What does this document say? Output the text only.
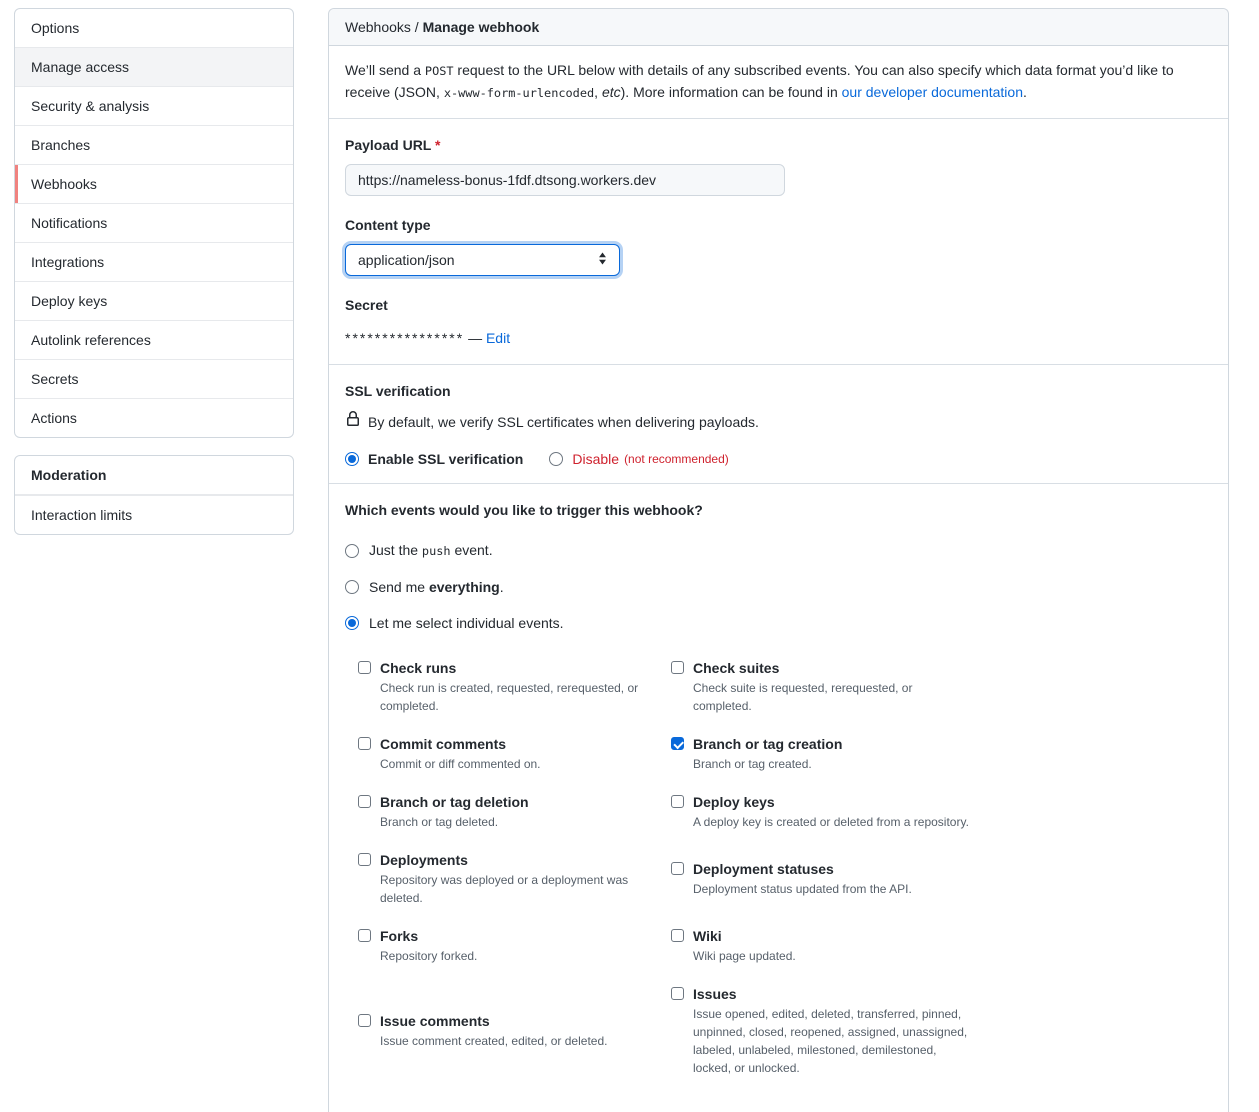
Options
Manage access
Security & analysis
Branches
Webhooks
Notifications
Integrations
Deploy keys
Autolink references
Secrets
Actions
Moderation
Interaction limits
Webhooks / Manage webhook
We’ll send a POST request to the URL below with details of any subscribed events. You can also specify which data format you’d like to receive (JSON, x-www-form-urlencoded, etc). More information can be found in our developer documentation.
Payload URL *
https://nameless-bonus-1fdf.dtsong.workers.dev
Content type
application/json
Secret
**************** — Edit
SSL verification
By default, we verify SSL certificates when delivering payloads.
Enable SSL verification	Disable (not recommended)
Which events would you like to trigger this webhook?
Just the push event.
Send me everything.
Let me select individual events.
Check runs
Check run is created, requested, rerequested, or completed.
Check suites
Check suite is requested, rerequested, or completed.
Commit comments
Commit or diff commented on.
Branch or tag creation
Branch or tag created.
Branch or tag deletion
Branch or tag deleted.
Deploy keys
A deploy key is created or deleted from a repository.
Deployments
Repository was deployed or a deployment was deleted.
Deployment statuses
Deployment status updated from the API.
Forks
Repository forked.
Wiki
Wiki page updated.
Issue comments
Issue comment created, edited, or deleted.
Issues
Issue opened, edited, deleted, transferred, pinned, unpinned, closed, reopened, assigned, unassigned, labeled, unlabeled, milestoned, demilestoned, locked, or unlocked.
